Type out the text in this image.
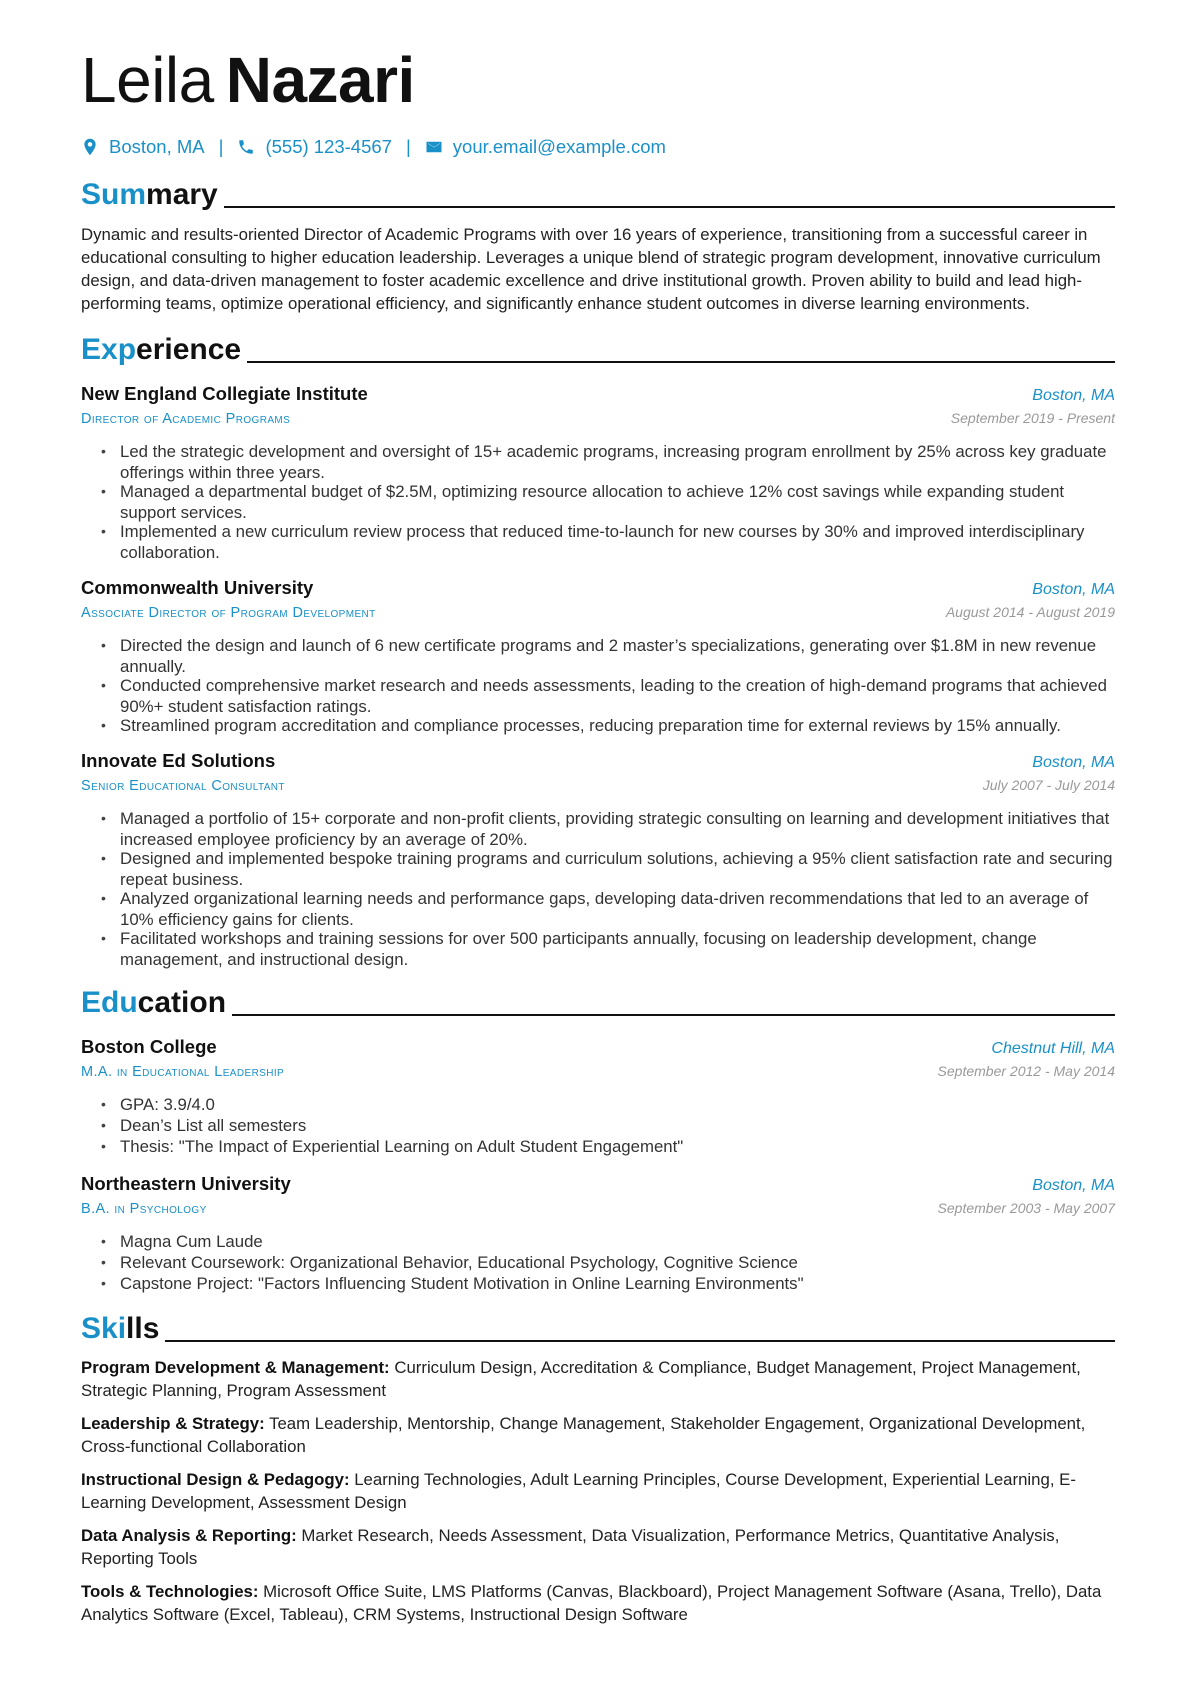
Leila Nazari
Boston, MA | (555) 123-4567 | your.email@example.com
Summary

Dynamic and results-oriented Director of Academic Programs with over 16 years of experience, transitioning from a successful career in educational consulting to higher education leadership. Leverages a unique blend of strategic program development, innovative curriculum design, and data-driven management to foster academic excellence and drive institutional growth. Proven ability to build and lead high-performing teams, optimize operational efficiency, and significantly enhance student outcomes in diverse learning environments.

Experience
New England Collegiate Institute	Boston, MA
Director of Academic Programs	September 2019 - Present
• Led the strategic development and oversight of 15+ academic programs, increasing program enrollment by 25% across key graduate offerings within three years.
• Managed a departmental budget of $2.5M, optimizing resource allocation to achieve 12% cost savings while expanding student support services.
• Implemented a new curriculum review process that reduced time-to-launch for new courses by 30% and improved interdisciplinary collaboration.
Commonwealth University	Boston, MA
Associate Director of Program Development	August 2014 - August 2019
• Directed the design and launch of 6 new certificate programs and 2 master’s specializations, generating over $1.8M in new revenue annually.
• Conducted comprehensive market research and needs assessments, leading to the creation of high-demand programs that achieved 90%+ student satisfaction ratings.
• Streamlined program accreditation and compliance processes, reducing preparation time for external reviews by 15% annually.
Innovate Ed Solutions	Boston, MA
Senior Educational Consultant	July 2007 - July 2014
• Managed a portfolio of 15+ corporate and non-profit clients, providing strategic consulting on learning and development initiatives that increased employee proficiency by an average of 20%.
• Designed and implemented bespoke training programs and curriculum solutions, achieving a 95% client satisfaction rate and securing repeat business.
• Analyzed organizational learning needs and performance gaps, developing data-driven recommendations that led to an average of 10% efficiency gains for clients.
• Facilitated workshops and training sessions for over 500 participants annually, focusing on leadership development, change management, and instructional design.
Education
Boston College	Chestnut Hill, MA
M.A. in Educational Leadership	September 2012 - May 2014
• GPA: 3.9/4.0
• Dean’s List all semesters
• Thesis: "The Impact of Experiential Learning on Adult Student Engagement"
Northeastern University	Boston, MA
B.A. in Psychology	September 2003 - May 2007
• Magna Cum Laude
• Relevant Coursework: Organizational Behavior, Educational Psychology, Cognitive Science
• Capstone Project: "Factors Influencing Student Motivation in Online Learning Environments"
Skills

Program Development & Management: Curriculum Design, Accreditation & Compliance, Budget Management, Project Management, Strategic Planning, Program Assessment

Leadership & Strategy: Team Leadership, Mentorship, Change Management, Stakeholder Engagement, Organizational Development, Cross-functional Collaboration

Instructional Design & Pedagogy: Learning Technologies, Adult Learning Principles, Course Development, Experiential Learning, E-Learning Development, Assessment Design

Data Analysis & Reporting: Market Research, Needs Assessment, Data Visualization, Performance Metrics, Quantitative Analysis, Reporting Tools

Tools & Technologies: Microsoft Office Suite, LMS Platforms (Canvas, Blackboard), Project Management Software (Asana, Trello), Data Analytics Software (Excel, Tableau), CRM Systems, Instructional Design Software
